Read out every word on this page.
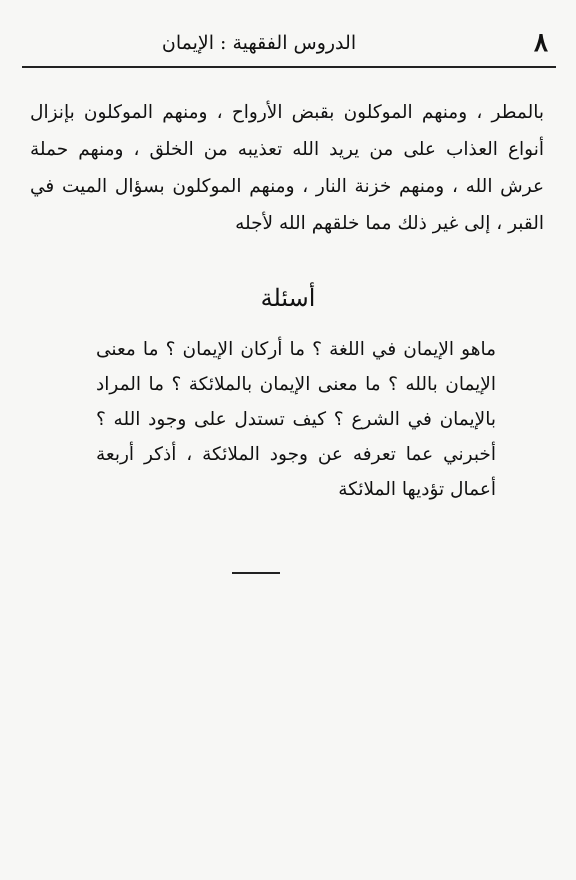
٨
الدروس الفقهية : الإيمان

بالمطر ، ومنهم الموكلون بقبض الأرواح ، ومنهم الموكلون بإنزال أنواع العذاب على من يريد الله تعذيبه من الخلق ، ومنهم حملة عرش الله ، ومنهم خزنة النار ، ومنهم الموكلون بسؤال الميت في القبر ، إلى غير ذلك مما خلقهم الله لأجله

أسئلة

ماهو الإيمان في اللغة ؟ ما أركان الإيمان ؟ ما معنى الإيمان بالله ؟ ما معنى الإيمان بالملائكة ؟ ما المراد بالإيمان في الشرع ؟ كيف تستدل على وجود الله ؟ أخبرني عما تعرفه عن وجود الملائكة ، أذكر أربعة أعمال تؤديها الملائكة
